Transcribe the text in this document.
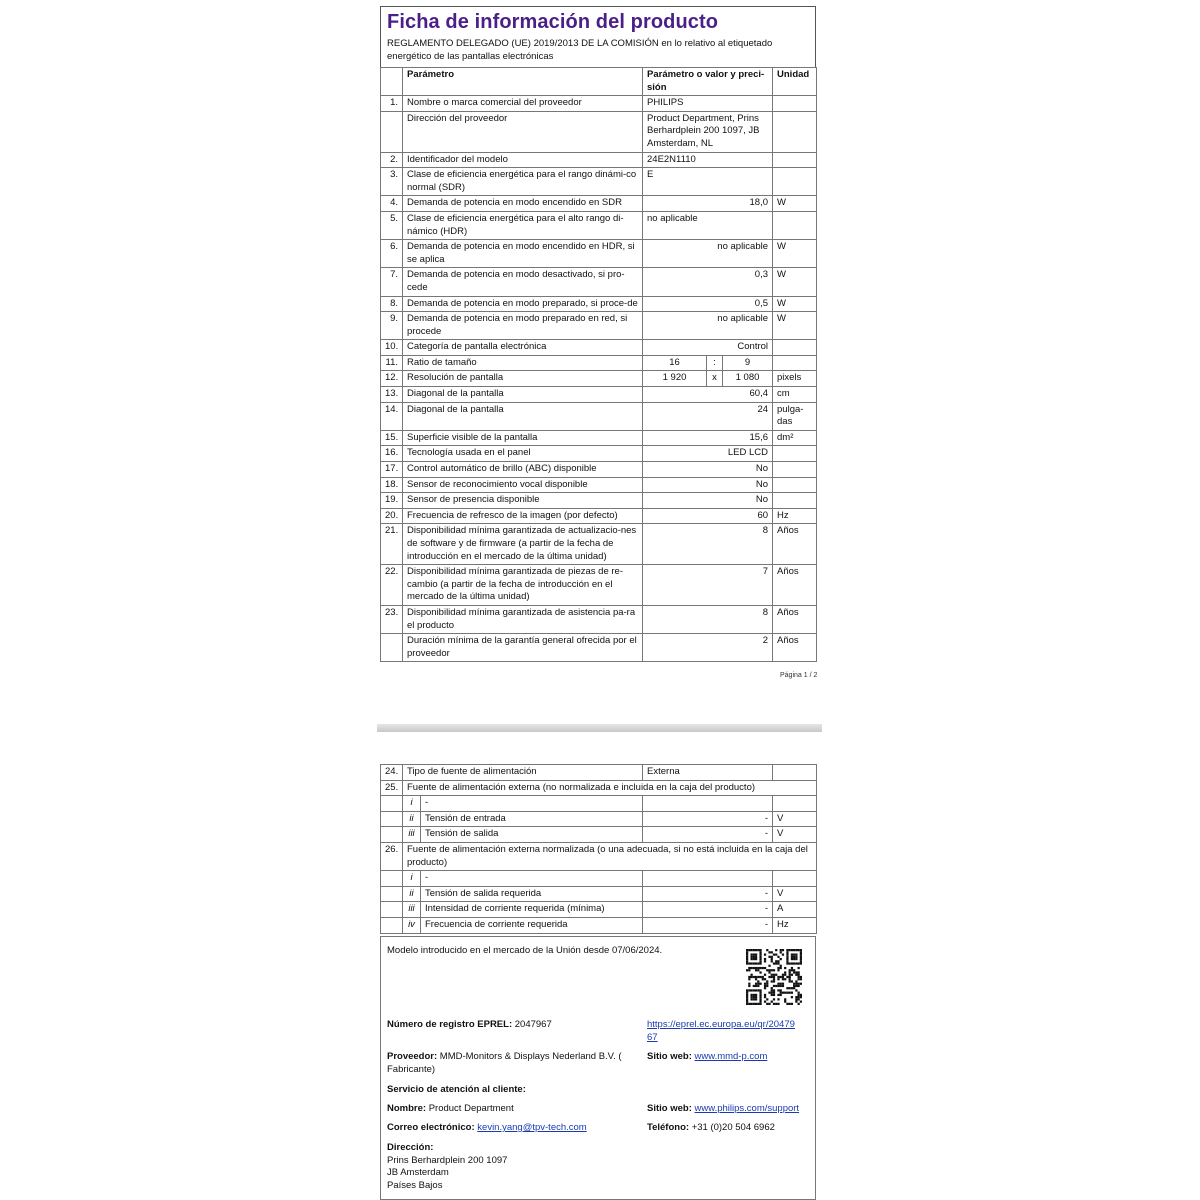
Ficha de información del producto
REGLAMENTO DELEGADO (UE) 2019/2013 DE LA COMISIÓN en lo relativo al etiquetado energético de las pantallas electrónicas
	Parámetro	Parámetro o valor y preci-sión			Unidad
1.	Nombre o marca comercial del proveedor	PHILIPS			
	Dirección del proveedor	Product Department, Prins Berhardplein 200 1097, JB Amsterdam, NL			
2.	Identificador del modelo	24E2N1110			
3.	Clase de eficiencia energética para el rango dinámi-co normal (SDR)	E			
4.	Demanda de potencia en modo encendido en SDR	18,0			W
5.	Clase de eficiencia energética para el alto rango di-námico (HDR)	no aplicable			
6.	Demanda de potencia en modo encendido en HDR, si se aplica	no aplicable			W
7.	Demanda de potencia en modo desactivado, si pro-cede	0,3			W
8.	Demanda de potencia en modo preparado, si proce-de	0,5			W
9.	Demanda de potencia en modo preparado en red, si procede	no aplicable			W
10.	Categoría de pantalla electrónica	Control			
11.	Ratio de tamaño	16	:	9	
12.	Resolución de pantalla	1 920	x	1 080	pixels
13.	Diagonal de la pantalla	60,4			cm
14.	Diagonal de la pantalla	24			pulga-das
15.	Superficie visible de la pantalla	15,6			dm²
16.	Tecnología usada en el panel	LED LCD			
17.	Control automático de brillo (ABC) disponible	No			
18.	Sensor de reconocimiento vocal disponible	No			
19.	Sensor de presencia disponible	No			
20.	Frecuencia de refresco de la imagen (por defecto)	60			Hz
21.	Disponibilidad mínima garantizada de actualizacio-nes de software y de firmware (a partir de la fecha de introducción en el mercado de la última unidad)	8			Años
22.	Disponibilidad mínima garantizada de piezas de re-cambio (a partir de la fecha de introducción en el mercado de la última unidad)	7			Años
23.	Disponibilidad mínima garantizada de asistencia pa-ra el producto	8			Años
	Duración mínima de la garantía general ofrecida por el proveedor	2			Años
Página 1 / 2
24.	Tipo de fuente de alimentación		Externa	
25.	Fuente de alimentación externa (no normalizada e incluida en la caja del producto)			
	i	-		
	ii	Tensión de entrada	-	V
	iii	Tensión de salida	-	V
26.	Fuente de alimentación externa normalizada (o una adecuada, si no está incluida en la caja del producto)			
	i	-		
	ii	Tensión de salida requerida	-	V
	iii	Intensidad de corriente requerida (mínima)	-	A
	iv	Frecuencia de corriente requerida	-	Hz
Modelo introducido en el mercado de la Unión desde 07/06/2024.
Número de registro EPREL: 2047967	https://eprel.ec.europa.eu/qr/2047967
Proveedor: MMD-Monitors & Displays Nederland B.V. ( Fabricante)
Sitio web: www.mmd-p.com
Servicio de atención al cliente:
Nombre: Product Department	Sitio web: www.philips.com/support
Correo electrónico: kevin.yang@tpv-tech.com	Teléfono: +31 (0)20 504 6962
Dirección:
Prins Berhardplein 200 1097
JB Amsterdam
Países Bajos
